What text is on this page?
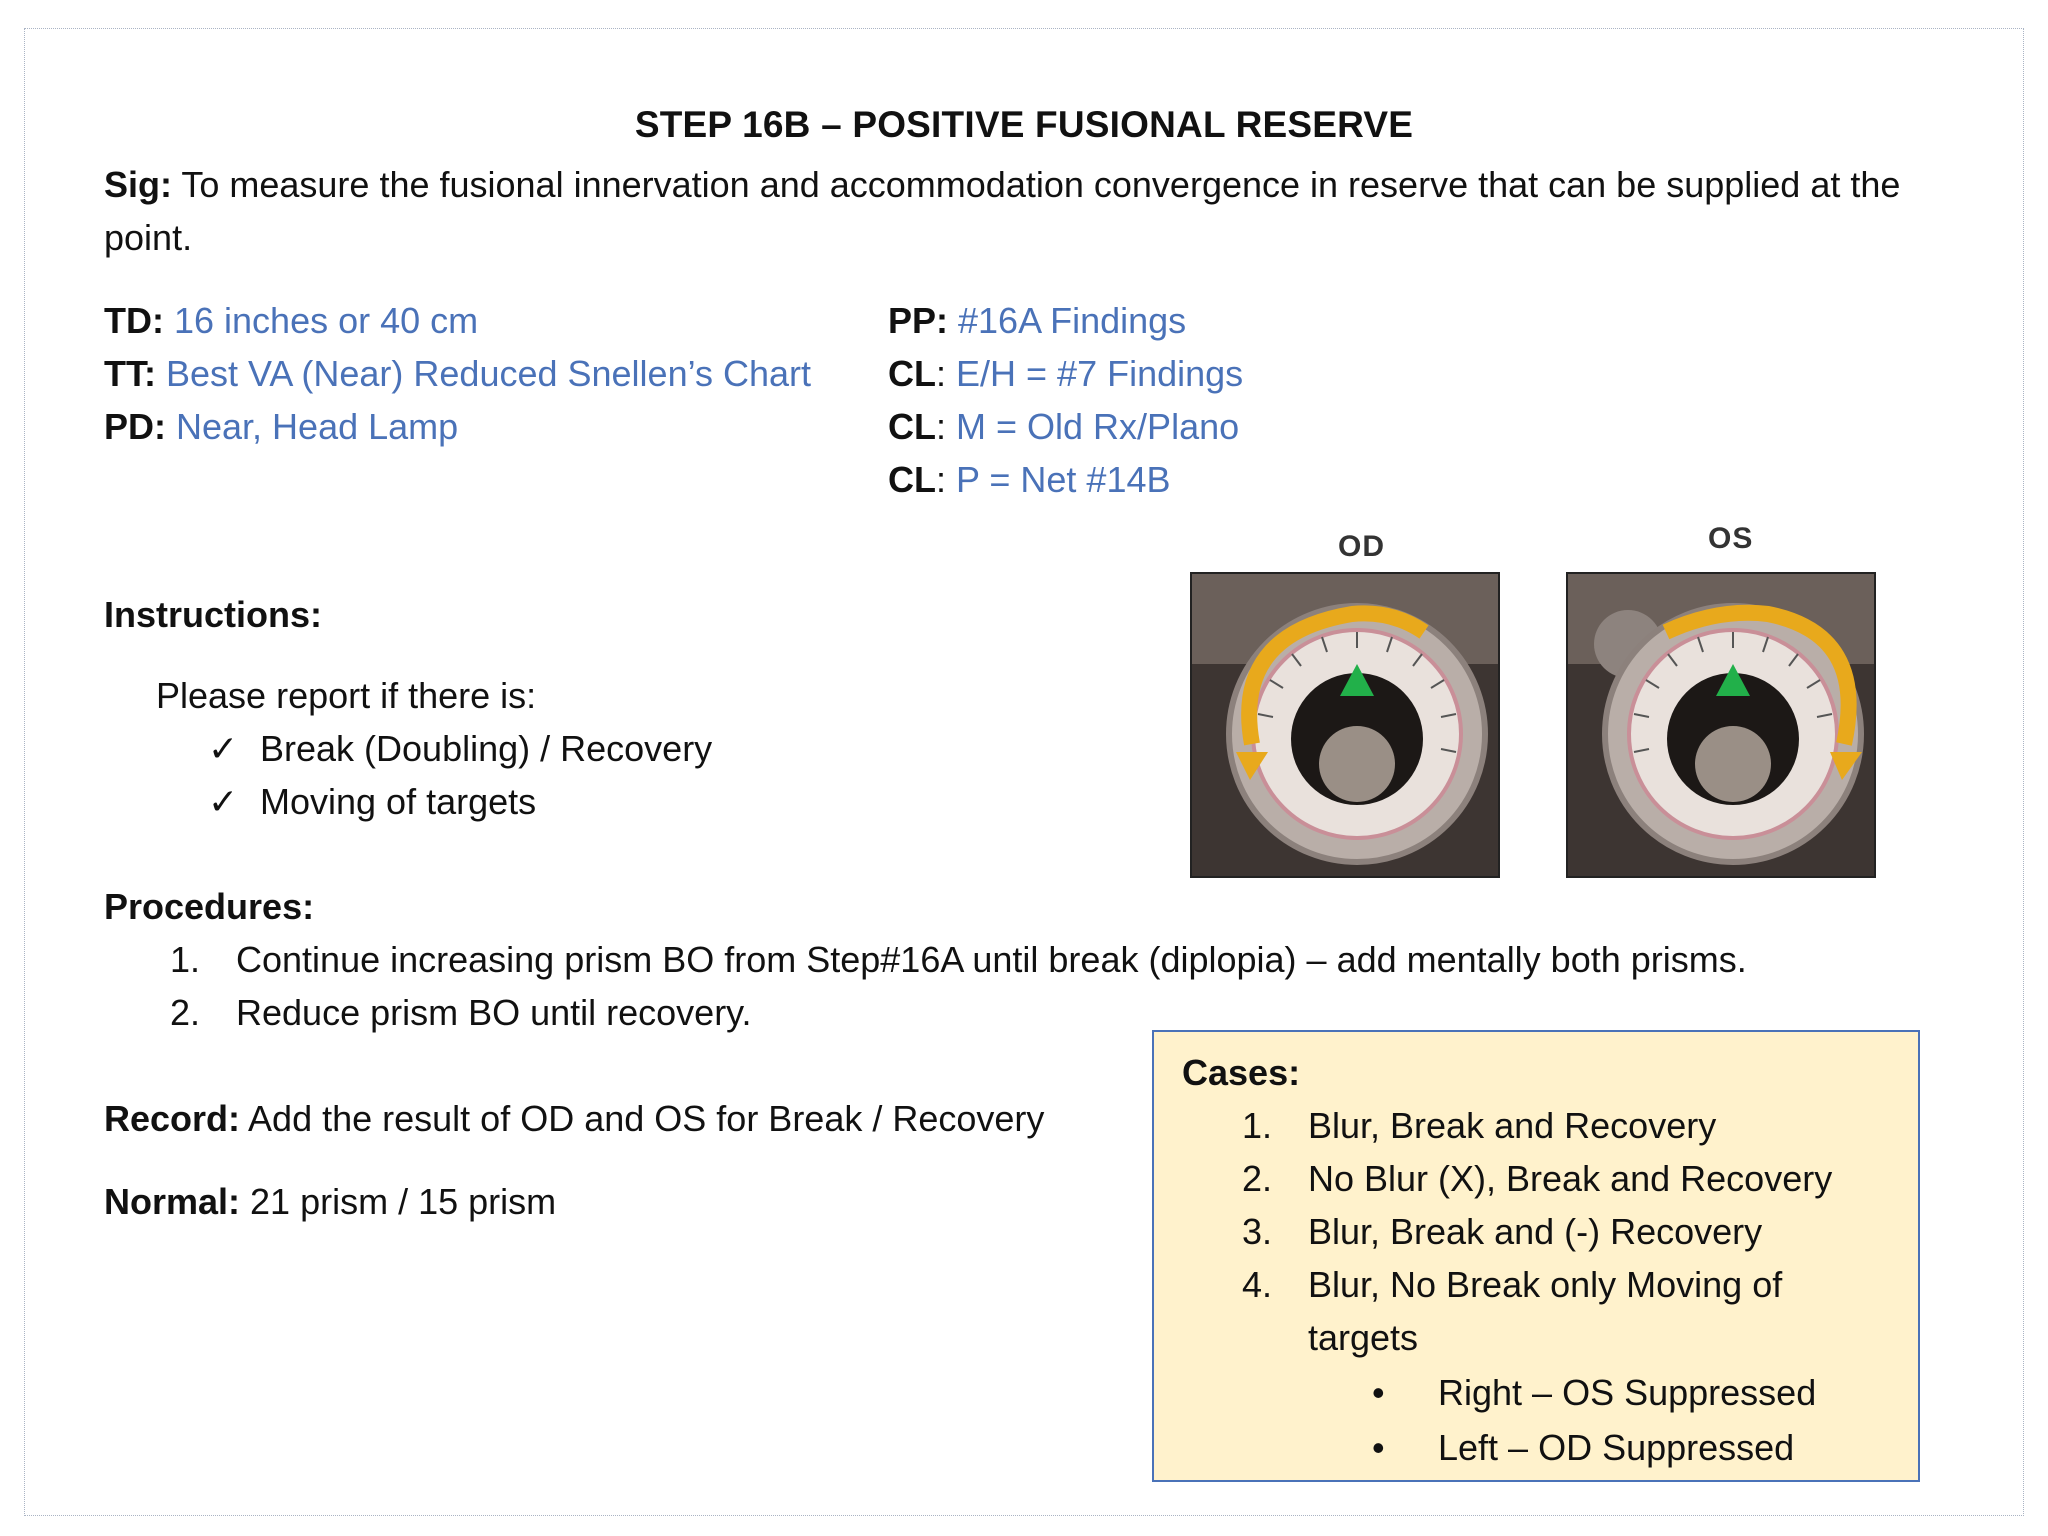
STEP 16B – POSITIVE FUSIONAL RESERVE
Sig: To measure the fusional innervation and accommodation convergence in reserve that can be supplied at the point.
TD: 16 inches or 40 cm
TT: Best VA (Near) Reduced Snellen’s Chart
PD: Near, Head Lamp
PP: #16A Findings
CL: E/H = #7 Findings
CL: M = Old Rx/Plano
CL: P = Net #14B
OD	OS
Instructions:
Please report if there is:
✓ Break (Doubling) / Recovery
✓ Moving of targets
Procedures:
1. Continue increasing prism BO from Step#16A until break (diplopia) – add mentally both prisms.
2. Reduce prism BO until recovery.
Record: Add the result of OD and OS for Break / Recovery
Normal: 21 prism / 15 prism
Cases:
1. Blur, Break and Recovery
2. No Blur (X), Break and Recovery
3. Blur, Break and (-) Recovery
4. Blur, No Break only Moving of
targets
• Right – OS Suppressed
• Left – OD Suppressed
